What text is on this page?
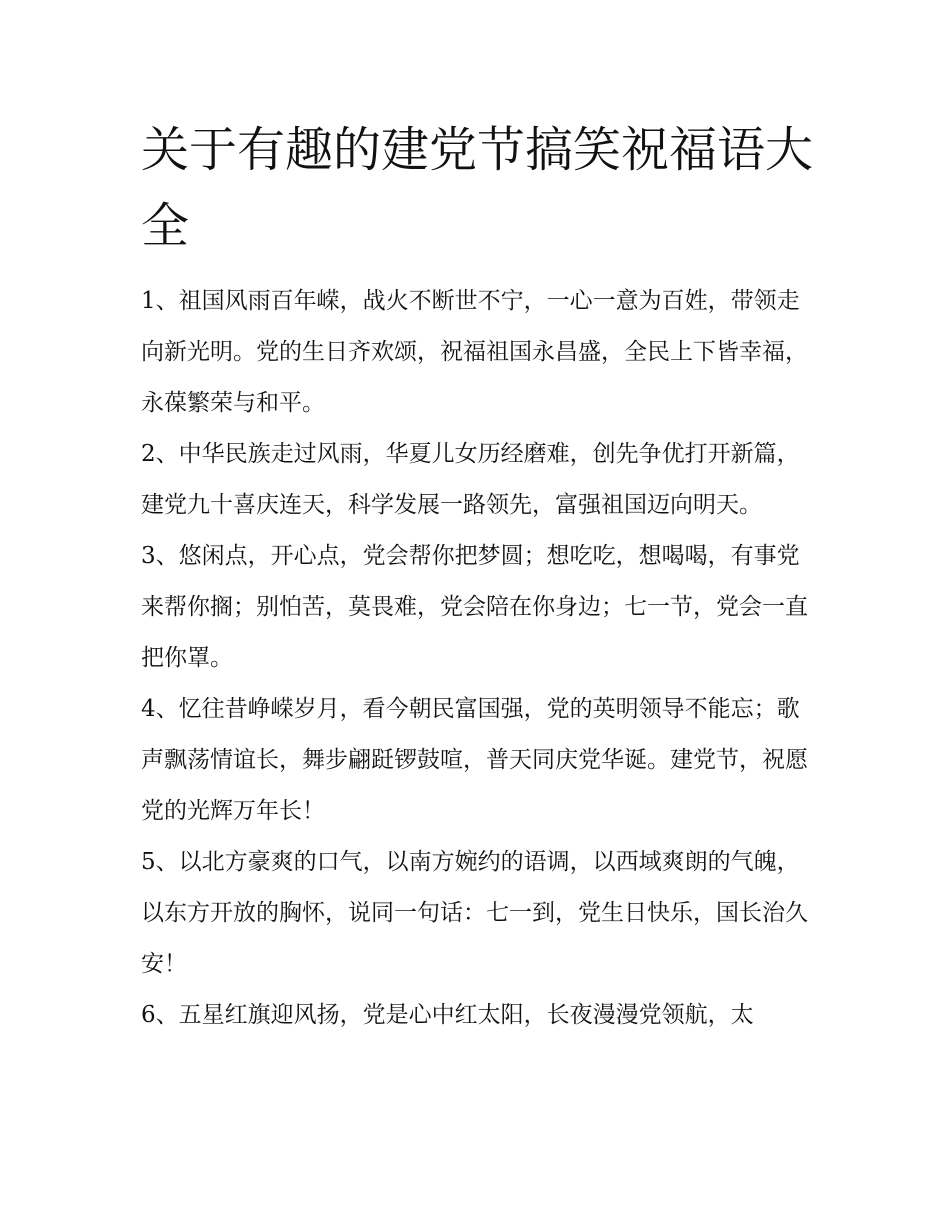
关于有趣的建党节搞笑祝福语大全

1、祖国风雨百年嵘，战火不断世不宁，一心一意为百姓，带领走向新光明。党的生日齐欢颂，祝福祖国永昌盛，全民上下皆幸福，永葆繁荣与和平。

2、中华民族走过风雨，华夏儿女历经磨难，创先争优打开新篇，建党九十喜庆连天，科学发展一路领先，富强祖国迈向明天。

3、悠闲点，开心点，党会帮你把梦圆；想吃吃，想喝喝，有事党来帮你搁；别怕苦，莫畏难，党会陪在你身边；七一节，党会一直把你罩。

4、忆往昔峥嵘岁月，看今朝民富国强，党的英明领导不能忘；歌声飘荡情谊长，舞步翩跹锣鼓喧，普天同庆党华诞。建党节，祝愿党的光辉万年长！

5、以北方豪爽的口气，以南方婉约的语调，以西域爽朗的气魄，以东方开放的胸怀，说同一句话：七一到，党生日快乐，国长治久安！

6、五星红旗迎风扬，党是心中红太阳，长夜漫漫党领航，太
